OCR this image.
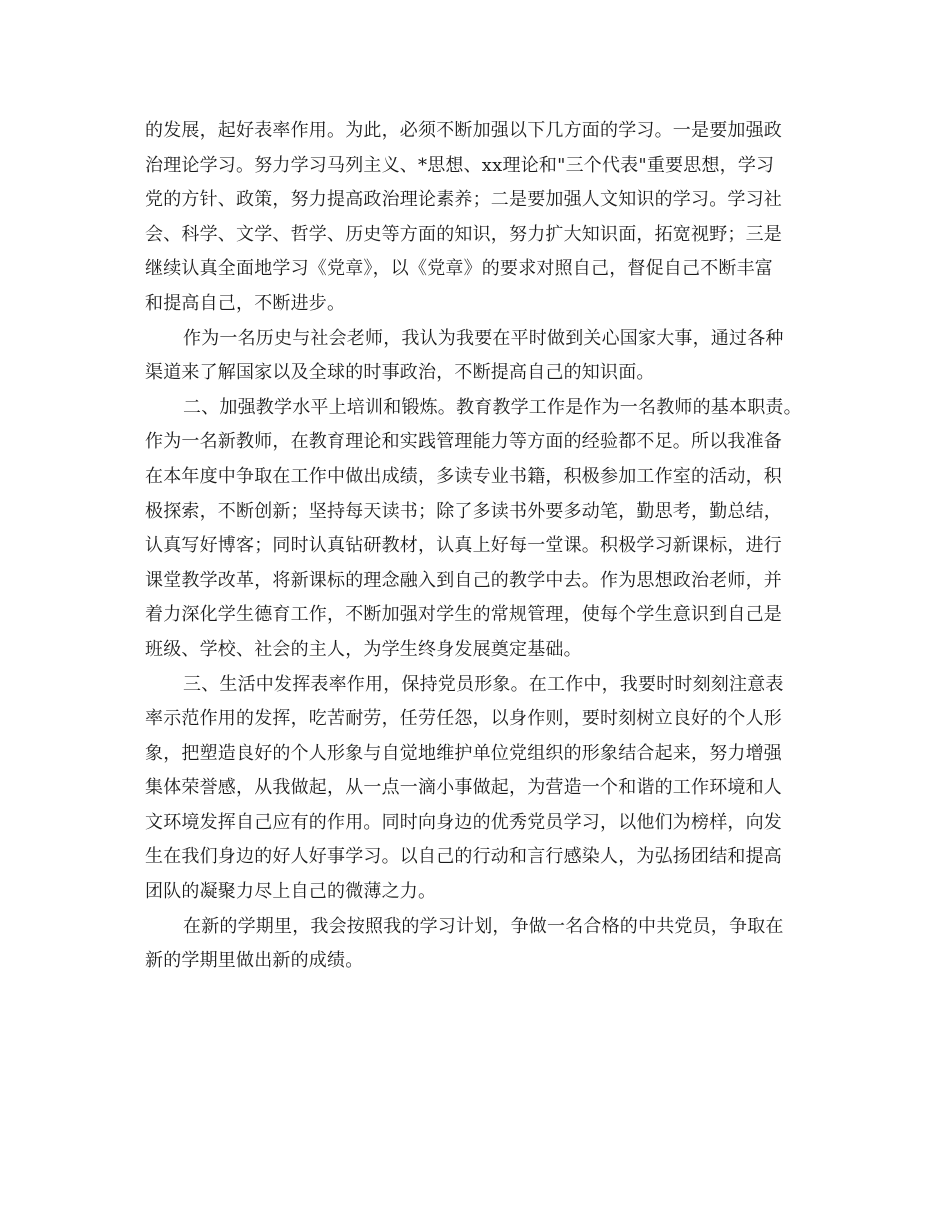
的发展，起好表率作用。为此，必须不断加强以下几方面的学习。一是要加强政
治理论学习。努力学习马列主义、*思想、xx理论和"三个代表"重要思想，学习
党的方针、政策，努力提高政治理论素养；二是要加强人文知识的学习。学习社
会、科学、文学、哲学、历史等方面的知识，努力扩大知识面，拓宽视野；三是
继续认真全面地学习《党章》，以《党章》的要求对照自己，督促自己不断丰富
和提高自己，不断进步。
作为一名历史与社会老师，我认为我要在平时做到关心国家大事，通过各种
渠道来了解国家以及全球的时事政治，不断提高自己的知识面。
二、加强教学水平上培训和锻炼。教育教学工作是作为一名教师的基本职责。
作为一名新教师，在教育理论和实践管理能力等方面的经验都不足。所以我准备
在本年度中争取在工作中做出成绩，多读专业书籍，积极参加工作室的活动，积
极探索，不断创新；坚持每天读书；除了多读书外要多动笔，勤思考，勤总结，
认真写好博客；同时认真钻研教材，认真上好每一堂课。积极学习新课标，进行
课堂教学改革，将新课标的理念融入到自己的教学中去。作为思想政治老师，并
着力深化学生德育工作，不断加强对学生的常规管理，使每个学生意识到自己是
班级、学校、社会的主人，为学生终身发展奠定基础。
三、生活中发挥表率作用，保持党员形象。在工作中，我要时时刻刻注意表
率示范作用的发挥，吃苦耐劳，任劳任怨，以身作则，要时刻树立良好的个人形
象，把塑造良好的个人形象与自觉地维护单位党组织的形象结合起来，努力增强
集体荣誉感，从我做起，从一点一滴小事做起，为营造一个和谐的工作环境和人
文环境发挥自己应有的作用。同时向身边的优秀党员学习，以他们为榜样，向发
生在我们身边的好人好事学习。以自己的行动和言行感染人，为弘扬团结和提高
团队的凝聚力尽上自己的微薄之力。
在新的学期里，我会按照我的学习计划，争做一名合格的中共党员，争取在
新的学期里做出新的成绩。
